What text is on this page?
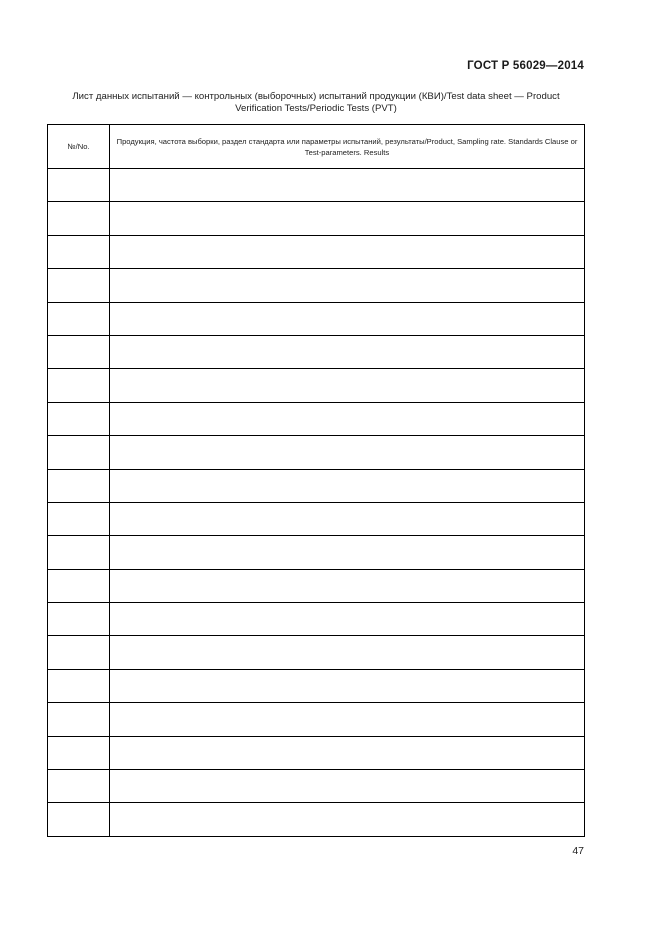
ГОСТ Р 56029—2014
Лист данных испытаний — контрольных (выборочных) испытаний продукции (КВИ)/Test data sheet — Product Verification Tests/Periodic Tests (PVT)
№/No.	Продукция, частота выборки, раздел стандарта или параметры испытаний, результаты/Product, Sampling rate. Standards Clause or Test-parameters. Results

47
